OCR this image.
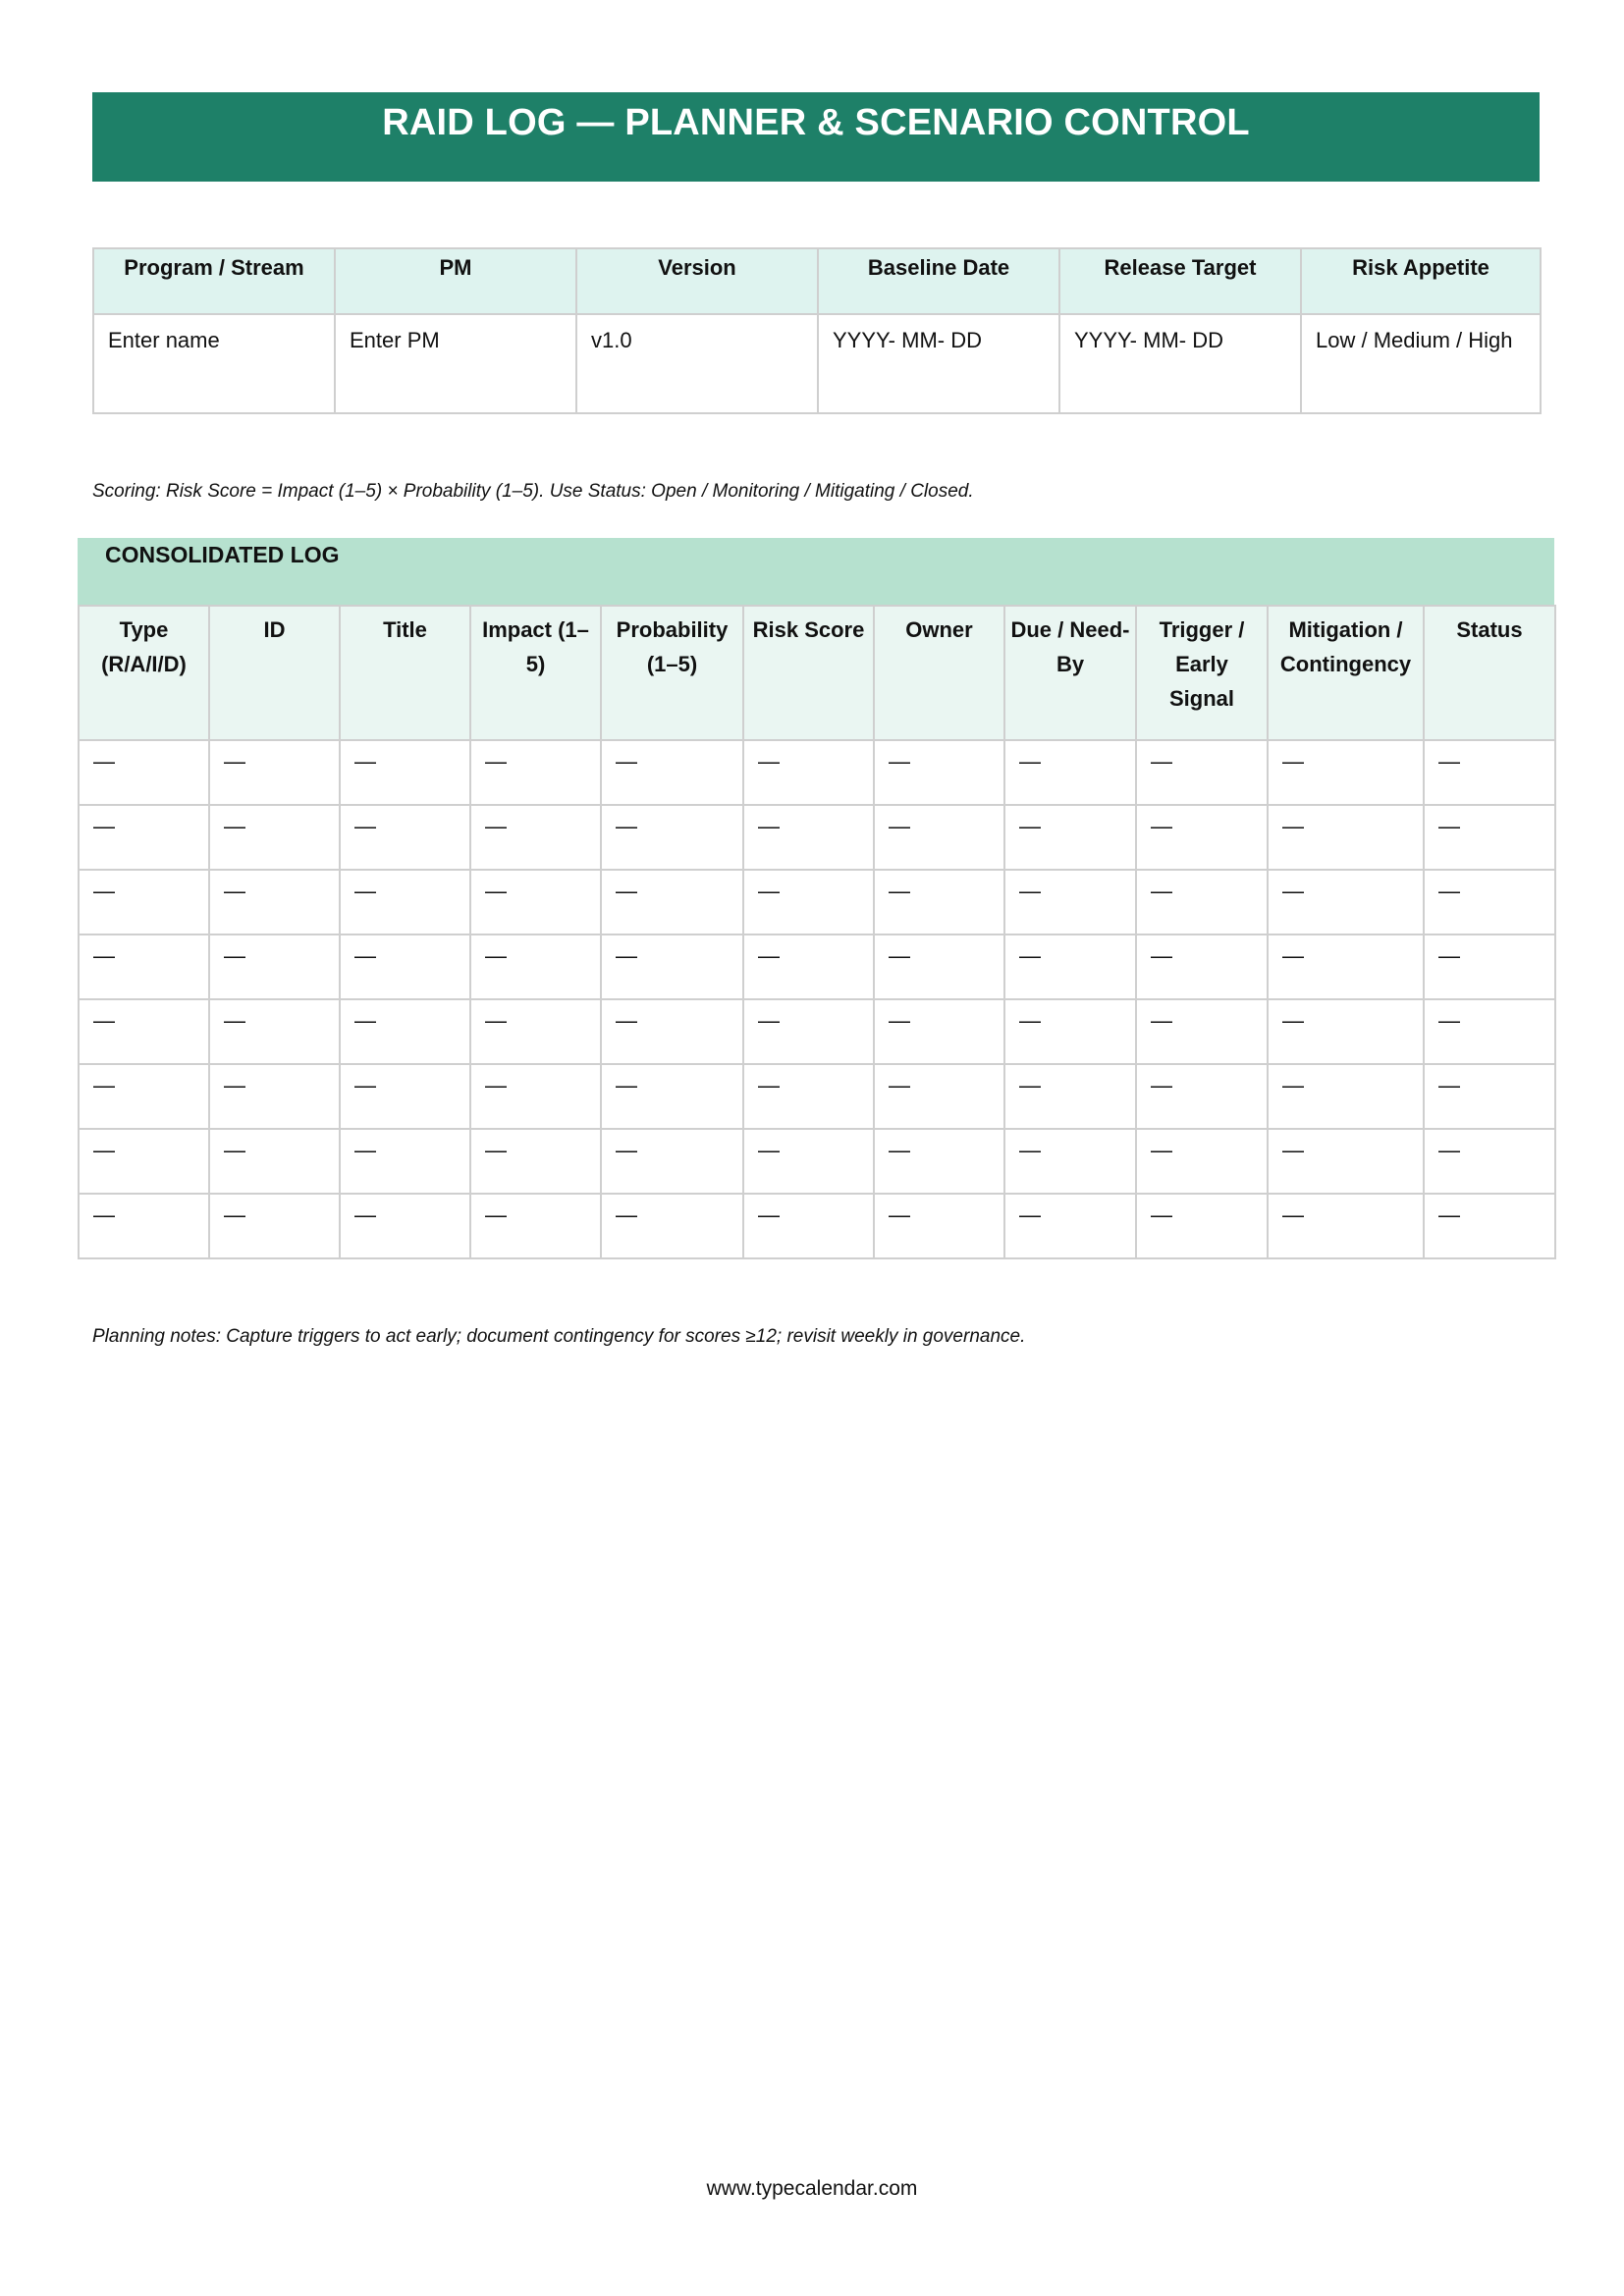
RAID LOG — PLANNER & SCENARIO CONTROL
Program / Stream	PM	Version	Baseline Date	Release Target	Risk Appetite
Enter name	Enter PM	v1.0	YYYY- MM- DD	YYYY- MM- DD	Low / Medium / High
Scoring: Risk Score = Impact (1–5) × Probability (1–5). Use Status: Open / Monitoring / Mitigating / Closed.
CONSOLIDATED LOG
Type (R/A/I/D)	ID	Title	Impact (1–5)	Probability (1–5)	Risk Score	Owner	Due / Need- By	Trigger / Early Signal	Mitigation / Contingency	Status
—	—	—	—	—	—	—	—	—	—	—
—	—	—	—	—	—	—	—	—	—	—
—	—	—	—	—	—	—	—	—	—	—
—	—	—	—	—	—	—	—	—	—	—
—	—	—	—	—	—	—	—	—	—	—
—	—	—	—	—	—	—	—	—	—	—
—	—	—	—	—	—	—	—	—	—	—
—	—	—	—	—	—	—	—	—	—	—
Planning notes: Capture triggers to act early; document contingency for scores ≥12; revisit weekly in governance.
www.typecalendar.com
